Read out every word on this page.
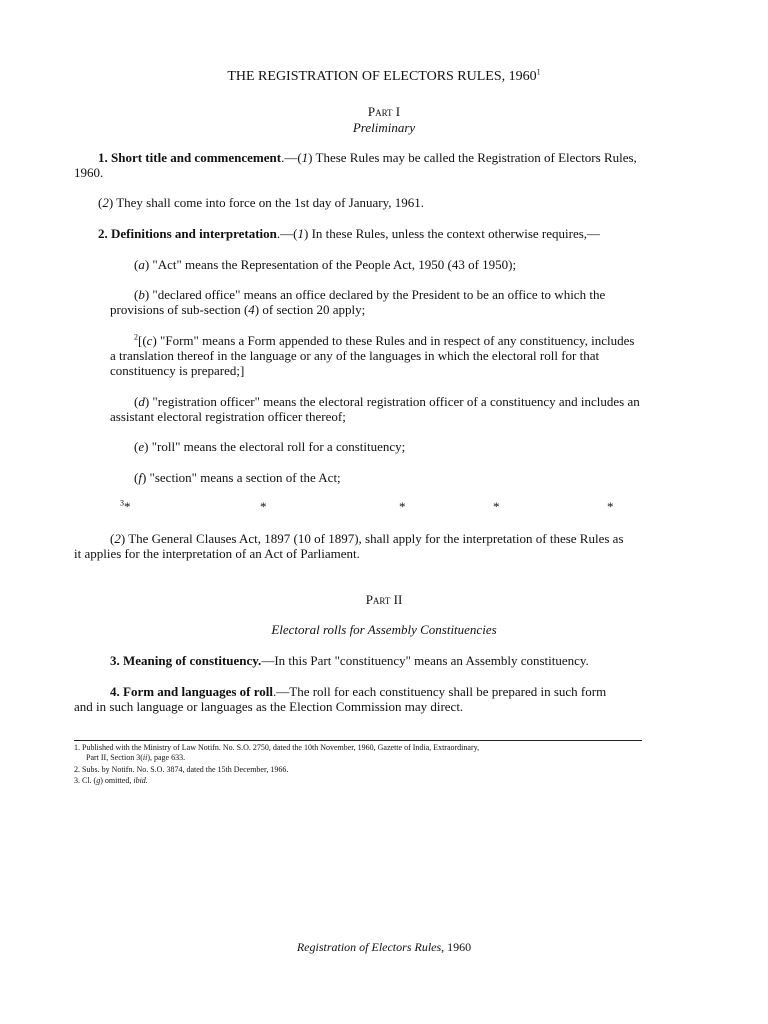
THE REGISTRATION OF ELECTORS RULES, 1960$^1$
Part I
Preliminary
1. Short title and commencement.—(1) These Rules may be called the Registration of Electors Rules,
1960.
(2) They shall come into force on the 1st day of January, 1961.
2. Definitions and interpretation.—(1) In these Rules, unless the context otherwise requires,—
(a) "Act" means the Representation of the People Act, 1950 (43 of 1950);
(b) "declared office" means an office declared by the President to be an office to which the
provisions of sub-section (4) of section 20 apply;
$^2$[(c) "Form" means a Form appended to these Rules and in respect of any constituency, includes
a translation thereof in the language or any of the languages in which the electoral roll for that
constituency is prepared;]
(d) "registration officer" means the electoral registration officer of a constituency and includes an
assistant electoral registration officer thereof;
(e) "roll" means the electoral roll for a constituency;
(f) "section" means a section of the Act;
$^3$*	*	*	*	*
(2) The General Clauses Act, 1897 (10 of 1897), shall apply for the interpretation of these Rules as
it applies for the interpretation of an Act of Parliament.
Part II
Electoral rolls for Assembly Constituencies
3. Meaning of constituency.—In this Part "constituency" means an Assembly constituency.
4. Form and languages of roll.—The roll for each constituency shall be prepared in such form
and in such language or languages as the Election Commission may direct.
1. Published with the Ministry of Law Notifn. No. S.O. 2750, dated the 10th November, 1960, Gazette of India, Extraordinary,
Part II, Section 3(ii), page 633.
2. Subs. by Notifn. No. S.O. 3874, dated the 15th December, 1966.
3. Cl. (g) omitted, ibid.
Registration of Electors Rules, 1960
